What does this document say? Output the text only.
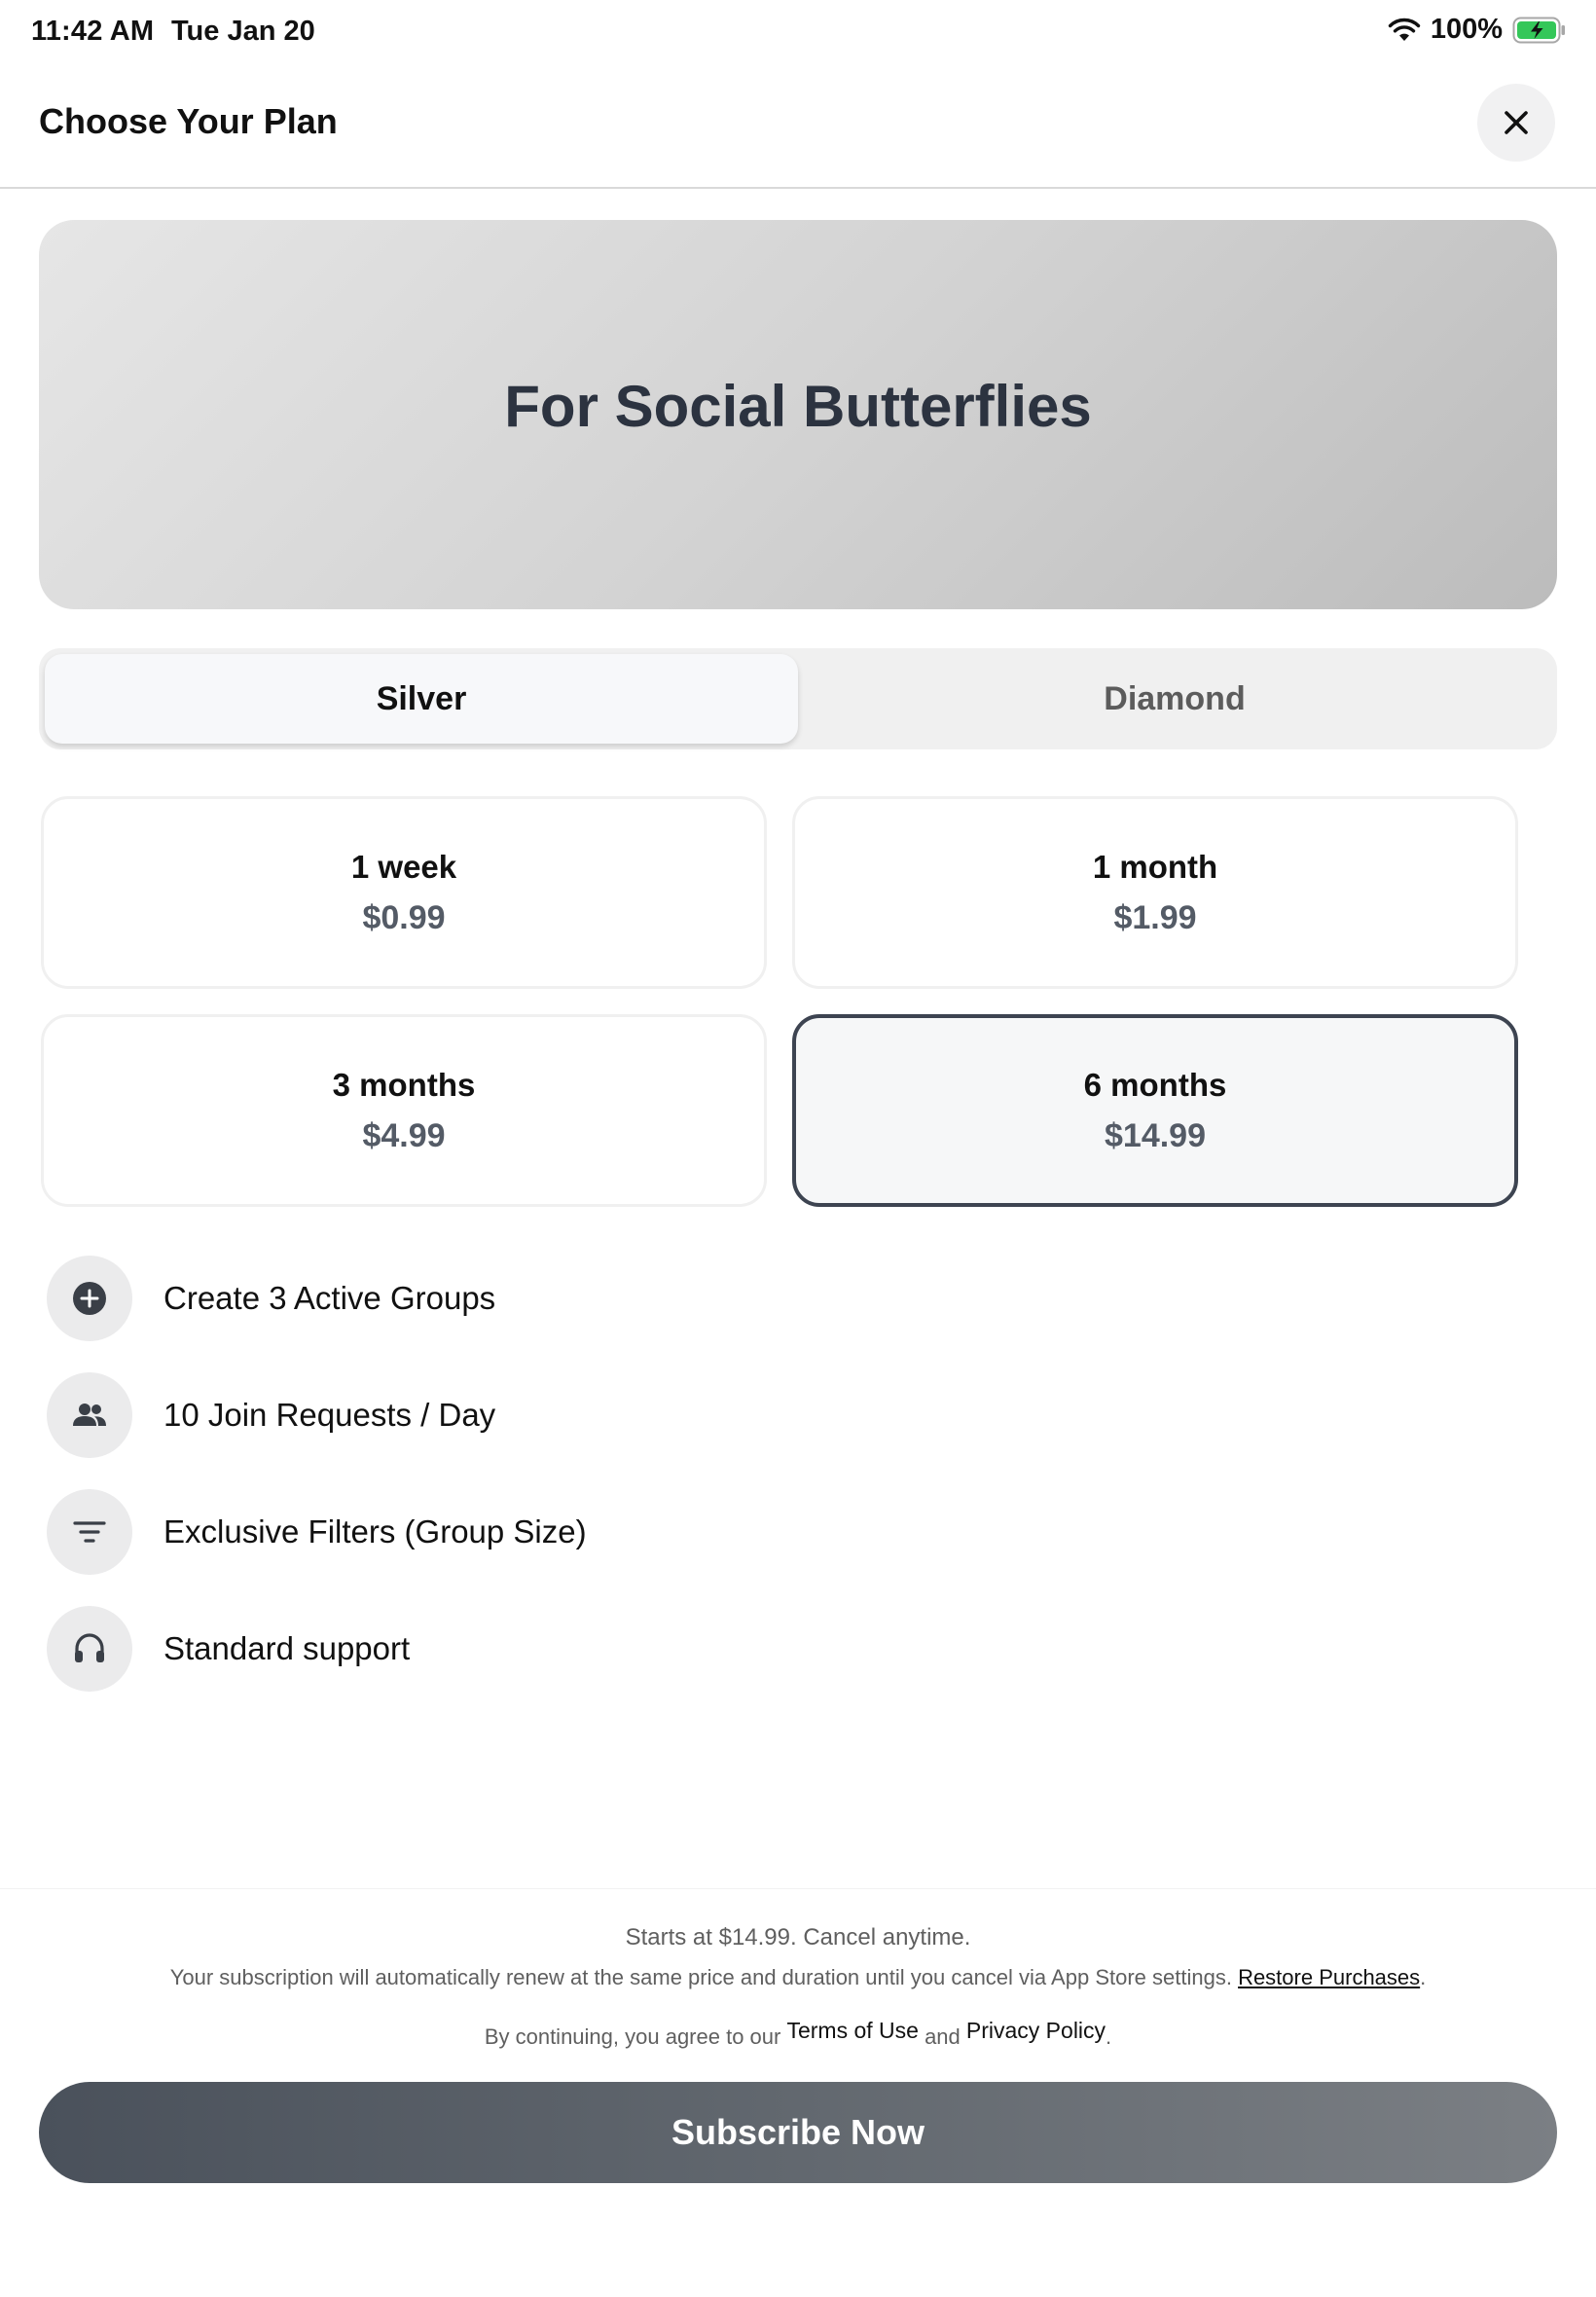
11:42 AM Tue Jan 20	100%
Choose Your Plan
For Social Butterflies
Silver	Diamond
1 week
$0.99
1 month
$1.99
3 months
$4.99
6 months
$14.99
Create 3 Active Groups
10 Join Requests / Day
Exclusive Filters (Group Size)
Standard support
Starts at $14.99. Cancel anytime.
Your subscription will automatically renew at the same price and duration until you cancel via App Store settings. Restore Purchases.
By continuing, you agree to our Terms of Use and Privacy Policy.
Subscribe Now
